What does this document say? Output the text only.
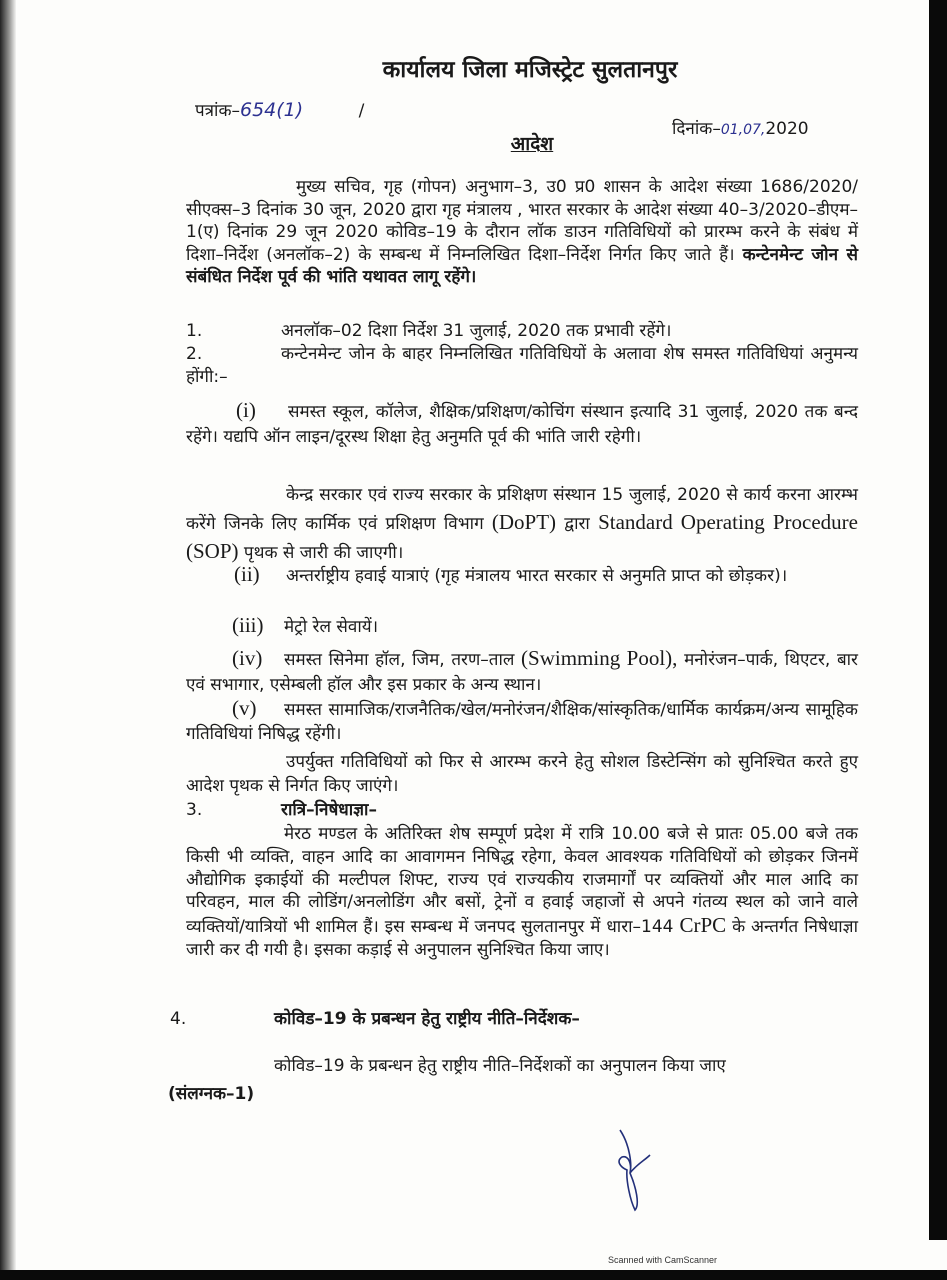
कार्यालय जिला मजिस्ट्रेट सुलतानपुर
पत्रांक–654(1)	/
दिनांक–01,07,2020
आदेश
मुख्य सचिव, गृह (गोपन) अनुभाग–3, उ0 प्र0 शासन के आदेश संख्या 1686/2020/सीएक्स–3 दिनांक 30 जून, 2020 द्वारा गृह मंत्रालय , भारत सरकार के आदेश संख्या 40–3/2020–डीएम–1(ए) दिनांक 29 जून 2020 कोविड–19 के दौरान लॉक डाउन गतिविधियों को प्रारम्भ करने के संबंध में दिशा–निर्देश (अनलॉक–2) के सम्बन्ध में निम्नलिखित दिशा–निर्देश निर्गत किए जाते हैं। कन्टेनमेन्ट जोन से संबंधित निर्देश पूर्व की भांति यथावत लागू रहेंगे।
1.	अनलॉक–02 दिशा निर्देश 31 जुलाई, 2020 तक प्रभावी रहेंगे।
2.	कन्टेनमेन्ट जोन के बाहर निम्नलिखित गतिविधियों के अलावा शेष समस्त गतिविधियां अनुमन्य होंगी:–
(i) समस्त स्कूल, कॉलेज, शैक्षिक/प्रशिक्षण/कोचिंग संस्थान इत्यादि 31 जुलाई, 2020 तक बन्द रहेंगे। यद्यपि ऑन लाइन/दूरस्थ शिक्षा हेतु अनुमति पूर्व की भांति जारी रहेगी।
केन्द्र सरकार एवं राज्य सरकार के प्रशिक्षण संस्थान 15 जुलाई, 2020 से कार्य करना आरम्भ करेंगे जिनके लिए कार्मिक एवं प्रशिक्षण विभाग (DoPT) द्वारा Standard Operating Procedure (SOP) पृथक से जारी की जाएगी।
(ii) अन्तर्राष्ट्रीय हवाई यात्राएं (गृह मंत्रालय भारत सरकार से अनुमति प्राप्त को छोड़कर)।
(iii) मेट्रो रेल सेवायें।
(iv) समस्त सिनेमा हॉल, जिम, तरण–ताल (Swimming Pool), मनोरंजन–पार्क, थिएटर, बार एवं सभागार, एसेम्बली हॉल और इस प्रकार के अन्य स्थान।
(v) समस्त सामाजिक/राजनैतिक/खेल/मनोरंजन/शैक्षिक/सांस्कृतिक/धार्मिक कार्यक्रम/अन्य सामूहिक गतिविधियां निषिद्ध रहेंगी।
उपर्युक्त गतिविधियों को फिर से आरम्भ करने हेतु सोशल डिस्टेन्सिंग को सुनिश्चित करते हुए आदेश पृथक से निर्गत किए जाएंगे।
3.	रात्रि–निषेधाज्ञा–
मेरठ मण्डल के अतिरिक्त शेष सम्पूर्ण प्रदेश में रात्रि 10.00 बजे से प्रातः 05.00 बजे तक किसी भी व्यक्ति, वाहन आदि का आवागमन निषिद्ध रहेगा, केवल आवश्यक गतिविधियों को छोड़कर जिनमें औद्योगिक इकाईयों की मल्टीपल शिफ्ट, राज्य एवं राज्यकीय राजमार्गों पर व्यक्तियों और माल आदि का परिवहन, माल की लोडिंग/अनलोडिंग और बसों, ट्रेनों व हवाई जहाजों से अपने गंतव्य स्थल को जाने वाले व्यक्तियों/यात्रियों भी शामिल हैं। इस सम्बन्ध में जनपद सुलतानपुर में धारा–144 CrPC के अन्तर्गत निषेधाज्ञा जारी कर दी गयी है। इसका कड़ाई से अनुपालन सुनिश्चित किया जाए।
4.	कोविड–19 के प्रबन्धन हेतु राष्ट्रीय नीति–निर्देशक–
कोविड–19 के प्रबन्धन हेतु राष्ट्रीय नीति–निर्देशकों का अनुपालन किया जाए
(संलग्नक–1)
Scanned with CamScanner
